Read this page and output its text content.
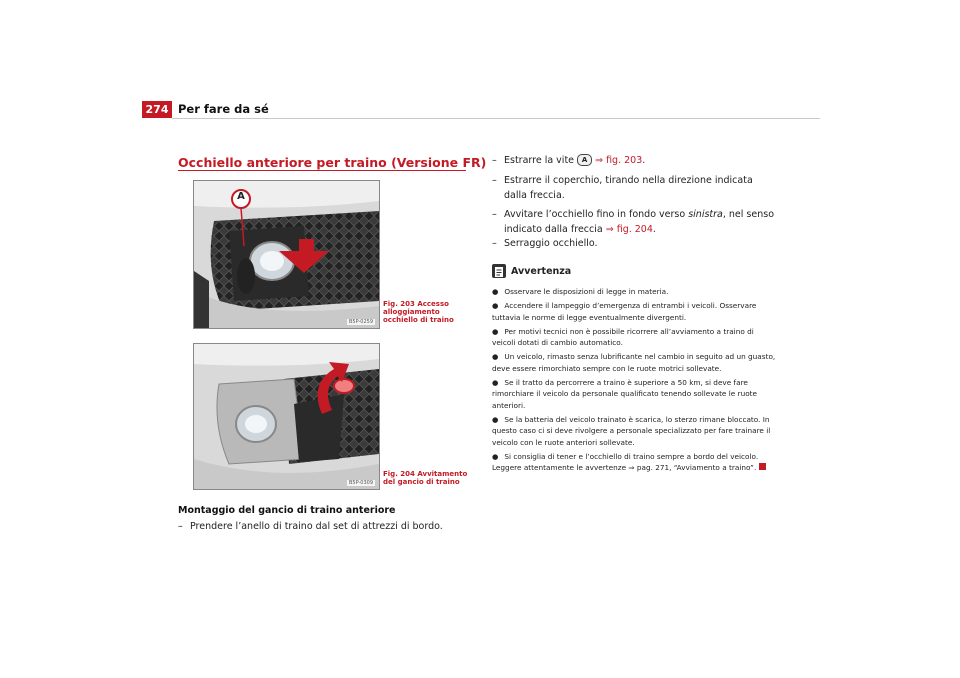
274 Per fare da sé
Occhiello anteriore per traino (Versione FR)
A
B5P-0259
Fig. 203 Accesso alloggiamento occhiello di traino
B5P-0309
Fig. 204 Avvitamento del gancio di traino
Montaggio del gancio di traino anteriore
– Prendere l’anello di traino dal set di attrezzi di bordo.
– Estrarre la vite A ⇒ fig. 203.
– Estrarre il coperchio, tirando nella direzione indicata dalla freccia.
– Avvitare l’occhiello fino in fondo verso sinistra, nel senso indicato dalla freccia ⇒ fig. 204.
– Serraggio occhiello.
Avvertenza
● Osservare le disposizioni di legge in materia.
● Accendere il lampeggio d’emergenza di entrambi i veicoli. Osservare tuttavia le norme di legge eventualmente divergenti.
● Per motivi tecnici non è possibile ricorrere all’avviamento a traino di veicoli dotati di cambio automatico.
● Un veicolo, rimasto senza lubrificante nel cambio in seguito ad un guasto, deve essere rimorchiato sempre con le ruote motrici sollevate.
● Se il tratto da percorrere a traino è superiore a 50 km, si deve fare rimorchiare il veicolo da personale qualificato tenendo sollevate le ruote anteriori.
● Se la batteria del veicolo trainato è scarica, lo sterzo rimane bloccato. In questo caso ci si deve rivolgere a personale specializzato per fare trainare il veicolo con le ruote anteriori sollevate.
● Si consiglia di tener e l’occhiello di traino sempre a bordo del veicolo. Leggere attentamente le avvertenze ⇒ pag. 271, “Avviamento a traino”.
